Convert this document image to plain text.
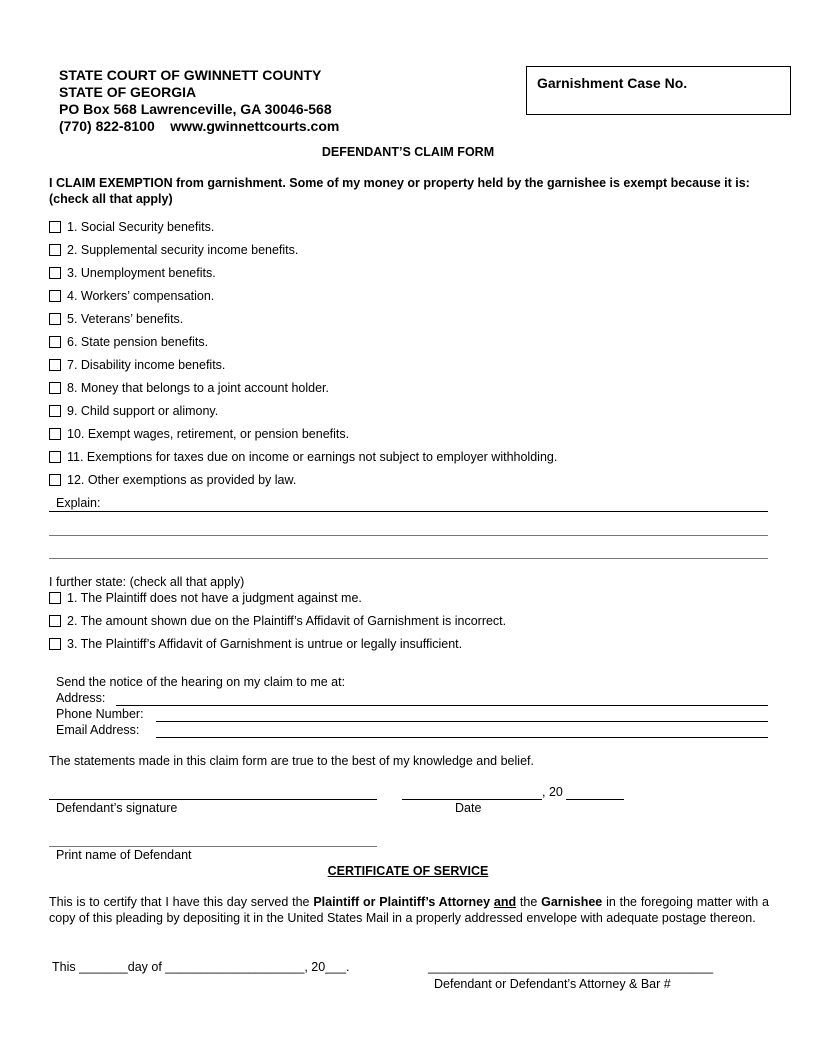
STATE COURT OF GWINNETT COUNTY
STATE OF GEORGIA
PO Box 568 Lawrenceville, GA 30046-568
(770) 822-8100    www.gwinnettcourts.com
Garnishment Case No.
DEFENDANT’S CLAIM FORM
I CLAIM EXEMPTION from garnishment. Some of my money or property held by the garnishee is exempt because it is: (check all that apply)
1. Social Security benefits.
2. Supplemental security income benefits.
3. Unemployment benefits.
4. Workers’ compensation.
5. Veterans’ benefits.
6. State pension benefits.
7. Disability income benefits.
8. Money that belongs to a joint account holder.
9. Child support or alimony.
10. Exempt wages, retirement, or pension benefits.
11. Exemptions for taxes due on income or earnings not subject to employer withholding.
12. Other exemptions as provided by law.
Explain:
I further state: (check all that apply)
1. The Plaintiff does not have a judgment against me.
2. The amount shown due on the Plaintiff’s Affidavit of Garnishment is incorrect.
3. The Plaintiff’s Affidavit of Garnishment is untrue or legally insufficient.
Send the notice of the hearing on my claim to me at:
Address:
Phone Number:
Email Address:
The statements made in this claim form are true to the best of my knowledge and belief.
, 20
Defendant’s signature	Date
Print name of Defendant
CERTIFICATE OF SERVICE
This is to certify that I have this day served the Plaintiff or Plaintiff’s Attorney and the Garnishee in the foregoing matter with a copy of this pleading by depositing it in the United States Mail in a properly addressed envelope with adequate postage thereon.
This _______day of ____________________, 20___.	_________________________________________
Defendant or Defendant’s Attorney & Bar #
